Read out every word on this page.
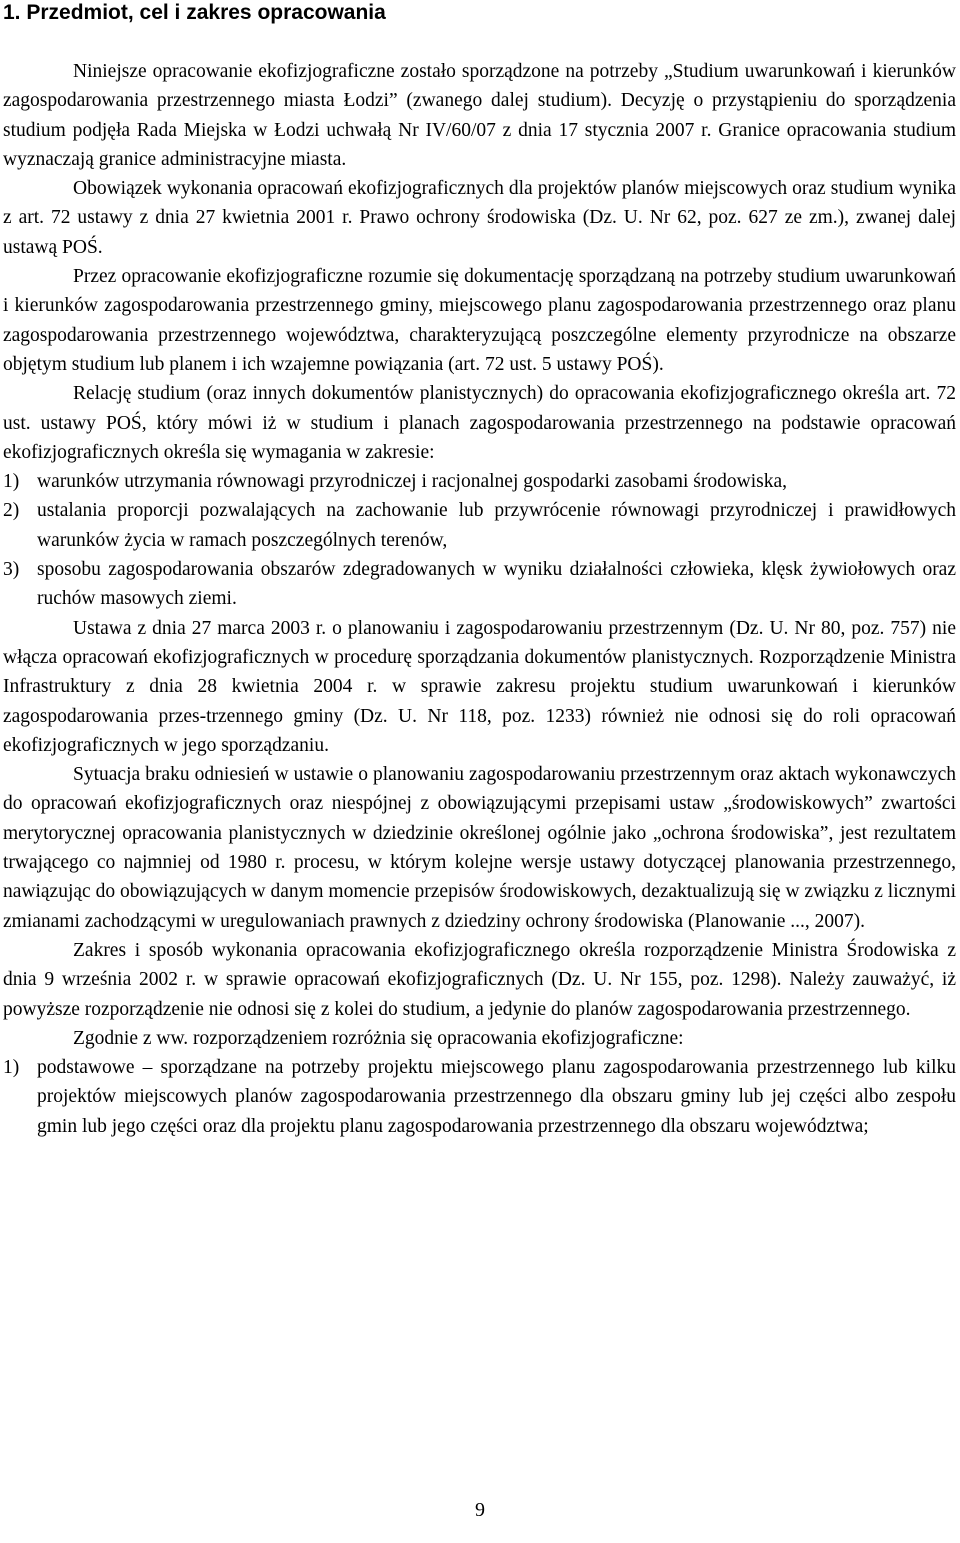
1. Przedmiot, cel i zakres opracowania

Niniejsze opracowanie ekofizjograficzne zostało sporządzone na potrzeby „Studium uwarunkowań i kierunków zagospodarowania przestrzennego miasta Łodzi” (zwanego dalej studium). Decyzję o przystąpieniu do sporządzenia studium podjęła Rada Miejska w Łodzi uchwałą Nr IV/60/07 z dnia 17 stycznia 2007 r. Granice opracowania studium wyznaczają granice administracyjne miasta.

Obowiązek wykonania opracowań ekofizjograficznych dla projektów planów miejscowych oraz studium wynika z art. 72 ustawy z dnia 27 kwietnia 2001 r. Prawo ochrony środowiska (Dz. U. Nr 62, poz. 627 ze zm.), zwanej dalej ustawą POŚ.

Przez opracowanie ekofizjograficzne rozumie się dokumentację sporządzaną na potrzeby studium uwarunkowań i kierunków zagospodarowania przestrzennego gminy, miejscowego planu zagospodarowania przestrzennego oraz planu zagospodarowania przestrzennego województwa, charakteryzującą poszczególne elementy przyrodnicze na obszarze objętym studium lub planem i ich wzajemne powiązania (art. 72 ust. 5 ustawy POŚ).

Relację studium (oraz innych dokumentów planistycznych) do opracowania ekofizjograficznego określa art. 72 ust. ustawy POŚ, który mówi iż w studium i planach zagospodarowania przestrzennego na podstawie opracowań ekofizjograficznych określa się wymagania w zakresie:

1) warunków utrzymania równowagi przyrodniczej i racjonalnej gospodarki zasobami środowiska,
2) ustalania proporcji pozwalających na zachowanie lub przywrócenie równowagi przyrodniczej i prawidłowych warunków życia w ramach poszczególnych terenów,
3) sposobu zagospodarowania obszarów zdegradowanych w wyniku działalności człowieka, klęsk żywiołowych oraz ruchów masowych ziemi.

Ustawa z dnia 27 marca 2003 r. o planowaniu i zagospodarowaniu przestrzennym (Dz. U. Nr 80, poz. 757) nie włącza opracowań ekofizjograficznych w procedurę sporządzania dokumentów planistycznych. Rozporządzenie Ministra Infrastruktury z dnia 28 kwietnia 2004 r. w sprawie zakresu projektu studium uwarunkowań i kierunków zagospodarowania przes-trzennego gminy (Dz. U. Nr 118, poz. 1233) również nie odnosi się do roli opracowań ekofizjograficznych w jego sporządzaniu.

Sytuacja braku odniesień w ustawie o planowaniu zagospodarowaniu przestrzennym oraz aktach wykonawczych do opracowań ekofizjograficznych oraz niespójnej z obowiązującymi przepisami ustaw „środowiskowych” zwartości merytorycznej opracowania planistycznych w dziedzinie określonej ogólnie jako „ochrona środowiska”, jest rezultatem trwającego co najmniej od 1980 r. procesu, w którym kolejne wersje ustawy dotyczącej planowania przestrzennego, nawiązując do obowiązujących w danym momencie przepisów środowiskowych, dezaktualizują się w związku z licznymi zmianami zachodzącymi w uregulowaniach prawnych z dziedziny ochrony środowiska (Planowanie ..., 2007).

Zakres i sposób wykonania opracowania ekofizjograficznego określa rozporządzenie Ministra Środowiska z dnia 9 września 2002 r. w sprawie opracowań ekofizjograficznych (Dz. U. Nr 155, poz. 1298). Należy zauważyć, iż powyższe rozporządzenie nie odnosi się z kolei do studium, a jedynie do planów zagospodarowania przestrzennego.

Zgodnie z ww. rozporządzeniem rozróżnia się opracowania ekofizjograficzne:

1) podstawowe – sporządzane na potrzeby projektu miejscowego planu zagospodarowania przestrzennego lub kilku projektów miejscowych planów zagospodarowania przestrzennego dla obszaru gminy lub jej części albo zespołu gmin lub jego części oraz dla projektu planu zagospodarowania przestrzennego dla obszaru województwa;
9
